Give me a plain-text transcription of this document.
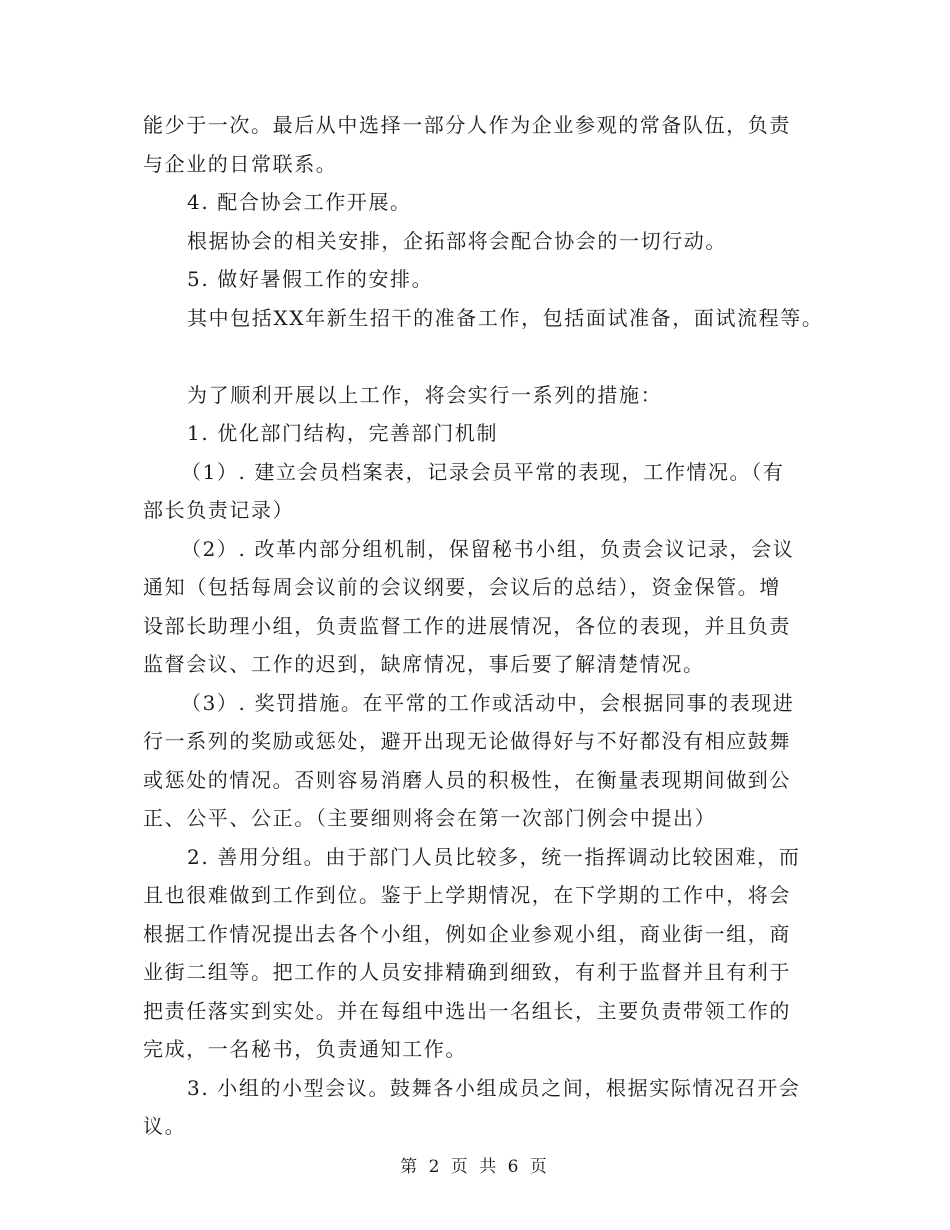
能少于一次。最后从中选择一部分人作为企业参观的常备队伍，负责
与企业的日常联系。
4. 配合协会工作开展。
根据协会的相关安排，企拓部将会配合协会的一切行动。
5. 做好暑假工作的安排。
其中包括XX年新生招干的准备工作，包括面试准备，面试流程等。
为了顺利开展以上工作，将会实行一系列的措施：
1. 优化部门结构，完善部门机制
（1）. 建立会员档案表，记录会员平常的表现，工作情况。（有
部长负责记录）
（2）. 改革内部分组机制，保留秘书小组，负责会议记录，会议
通知（包括每周会议前的会议纲要，会议后的总结），资金保管。增
设部长助理小组，负责监督工作的进展情况，各位的表现，并且负责
监督会议、工作的迟到，缺席情况，事后要了解清楚情况。
（3）. 奖罚措施。在平常的工作或活动中，会根据同事的表现进
行一系列的奖励或惩处，避开出现无论做得好与不好都没有相应鼓舞
或惩处的情况。否则容易消磨人员的积极性，在衡量表现期间做到公
正、公平、公正。（主要细则将会在第一次部门例会中提出）
2. 善用分组。由于部门人员比较多，统一指挥调动比较困难，而
且也很难做到工作到位。鉴于上学期情况，在下学期的工作中，将会
根据工作情况提出去各个小组，例如企业参观小组，商业街一组，商
业街二组等。把工作的人员安排精确到细致，有利于监督并且有利于
把责任落实到实处。并在每组中选出一名组长，主要负责带领工作的
完成，一名秘书，负责通知工作。
3. 小组的小型会议。鼓舞各小组成员之间，根据实际情况召开会
议。
第 2 页 共 6 页
